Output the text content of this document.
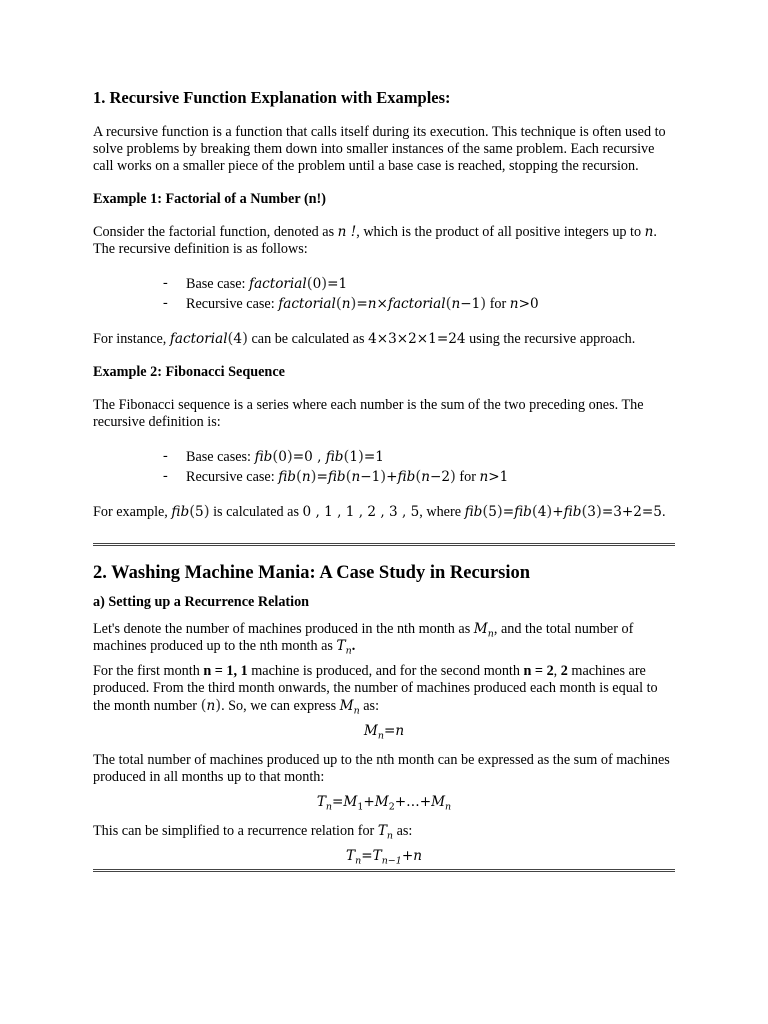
1. Recursive Function Explanation with Examples:

A recursive function is a function that calls itself during its execution. This technique is often used to solve problems by breaking them down into smaller instances of the same problem. Each recursive call works on a smaller piece of the problem until a base case is reached, stopping the recursion.

Example 1: Factorial of a Number (n!)

Consider the factorial function, denoted as n !, which is the product of all positive integers up to n. The recursive definition is as follows:

- Base case: factorial(0)=1
- Recursive case: factorial(n)=n×factorial(n−1) for n>0

For instance, factorial(4) can be calculated as 4×3×2×1=24 using the recursive approach.

Example 2: Fibonacci Sequence

The Fibonacci sequence is a series where each number is the sum of the two preceding ones. The recursive definition is:

- Base cases: fib(0)=0 , fib(1)=1
- Recursive case: fib(n)=fib(n−1)+fib(n−2) for n>1

For example, fib(5) is calculated as 0 , 1 , 1 , 2 , 3 , 5, where fib(5)=fib(4)+fib(3)=3+2=5.

2. Washing Machine Mania: A Case Study in Recursion
a) Setting up a Recurrence Relation

Let's denote the number of machines produced in the nth month as $M_n$, and the total number of machines produced up to the nth month as $T_n$.

For the first month n = 1, 1 machine is produced, and for the second month n = 2, 2 machines are produced. From the third month onwards, the number of machines produced each month is equal to the month number (n). So, we can express $M_n$ as:

$M_n=n$

The total number of machines produced up to the nth month can be expressed as the sum of machines produced in all months up to that month:

$T_n=M_1+M_2+\dots+M_n$

This can be simplified to a recurrence relation for $T_n$ as:

$T_n=T_{n-1}+n$
